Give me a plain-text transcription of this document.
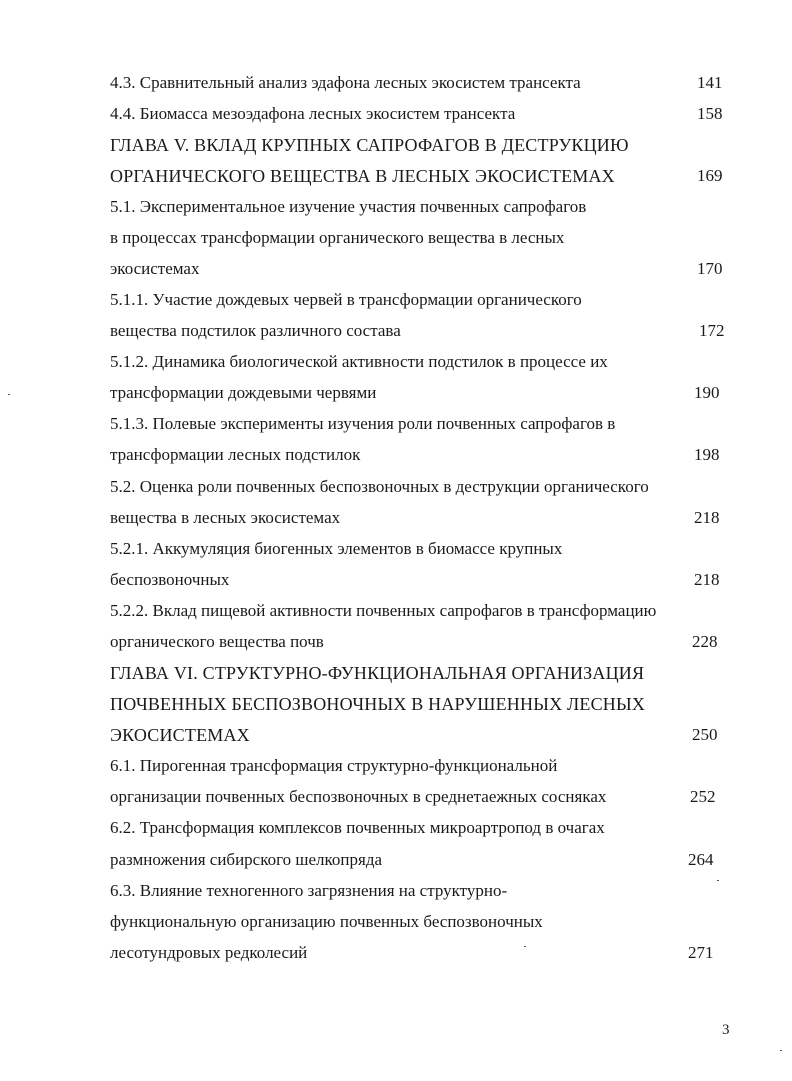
4.3. Сравнительный анализ эдафона лесных экосистем трансекта	141
4.4. Биомасса мезоэдафона лесных экосистем трансекта	158
ГЛАВА V. ВКЛАД КРУПНЫХ САПРОФАГОВ В ДЕСТРУКЦИЮ
ОРГАНИЧЕСКОГО ВЕЩЕСТВА В ЛЕСНЫХ ЭКОСИСТЕМАХ	169
5.1. Экспериментальное изучение участия почвенных сапрофагов
в процессах трансформации органического вещества в лесных
экосистемах	170
5.1.1. Участие дождевых червей в трансформации органического
вещества подстилок различного состава	172
5.1.2. Динамика биологической активности подстилок в процессе их
трансформации дождевыми червями	190
5.1.3. Полевые эксперименты изучения роли почвенных сапрофагов в
трансформации лесных подстилок	198
5.2. Оценка роли почвенных беспозвоночных в деструкции органического
вещества в лесных экосистемах	218
5.2.1. Аккумуляция биогенных элементов в биомассе крупных
беспозвоночных	218
5.2.2. Вклад пищевой активности почвенных сапрофагов в трансформацию
органического вещества почв	228
ГЛАВА VI. СТРУКТУРНО-ФУНКЦИОНАЛЬНАЯ ОРГАНИЗАЦИЯ
ПОЧВЕННЫХ БЕСПОЗВОНОЧНЫХ В НАРУШЕННЫХ ЛЕСНЫХ
ЭКОСИСТЕМАХ	250
6.1. Пирогенная трансформация структурно-функциональной
организации почвенных беспозвоночных в среднетаежных сосняках	252
6.2. Трансформация комплексов почвенных микроартропод в очагах
размножения сибирского шелкопряда	264
6.3. Влияние техногенного загрязнения на структурно-
функциональную организацию почвенных беспозвоночных
лесотундровых редколесий	271
3
